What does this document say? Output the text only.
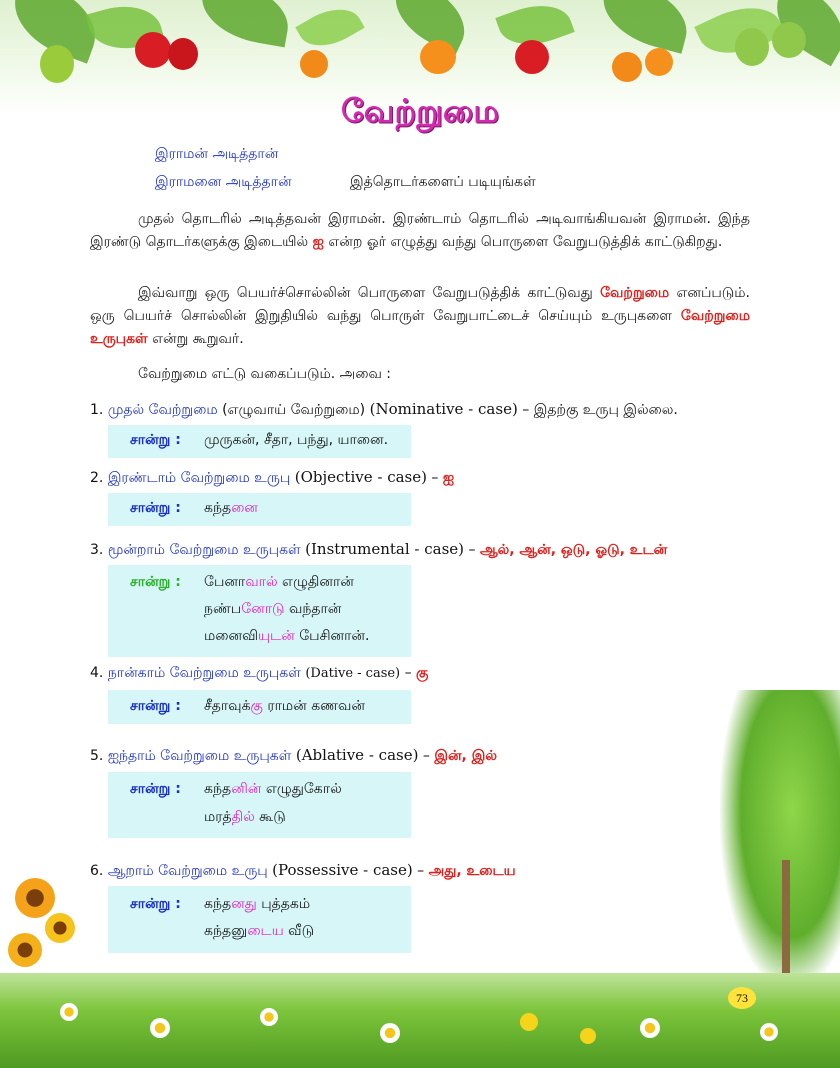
வேற்றுமை
இராமன் அடித்தான்
இராமனை அடித்தான்	இத்தொடர்களைப் படியுங்கள்
முதல் தொடரில் அடித்தவன் இராமன். இரண்டாம் தொடரில் அடிவாங்கியவன் இராமன். இந்த இரண்டு தொடர்களுக்கு இடையில் ஐ என்ற ஓர் எழுத்து வந்து பொருளை வேறுபடுத்திக் காட்டுகிறது.
இவ்வாறு ஒரு பெயர்ச்சொல்லின் பொருளை வேறுபடுத்திக் காட்டுவது வேற்றுமை எனப்படும். ஒரு பெயர்ச் சொல்லின் இறுதியில் வந்து பொருள் வேறுபாட்டைச் செய்யும் உருபுகளை வேற்றுமை உருபுகள் என்று கூறுவர்.
வேற்றுமை எட்டு வகைப்படும். அவை :
1. முதல் வேற்றுமை (எழுவாய் வேற்றுமை) (Nominative - case) – இதற்கு உருபு இல்லை.
சான்று : முருகன், சீதா, பந்து, யானை.
2. இரண்டாம் வேற்றுமை உருபு (Objective - case) – ஐ
சான்று : கந்தனை
3. மூன்றாம் வேற்றுமை உருபுகள் (Instrumental - case) – ஆல், ஆன், ஒடு, ஓடு, உடன்
சான்று : பேனாவால் எழுதினான்
நண்பனோடு வந்தான்
மனைவியுடன் பேசினான்.
4. நான்காம் வேற்றுமை உருபுகள் (Dative - case) – கு
சான்று : சீதாவுக்கு ராமன் கணவன்
5. ஐந்தாம் வேற்றுமை உருபுகள் (Ablative - case) – இன், இல்
சான்று : கந்தனின் எழுதுகோல்
மரத்தில் கூடு
6. ஆறாம் வேற்றுமை உருபு (Possessive - case) – அது, உடைய
சான்று : கந்தனது புத்தகம்
கந்தனுடைய வீடு
73
